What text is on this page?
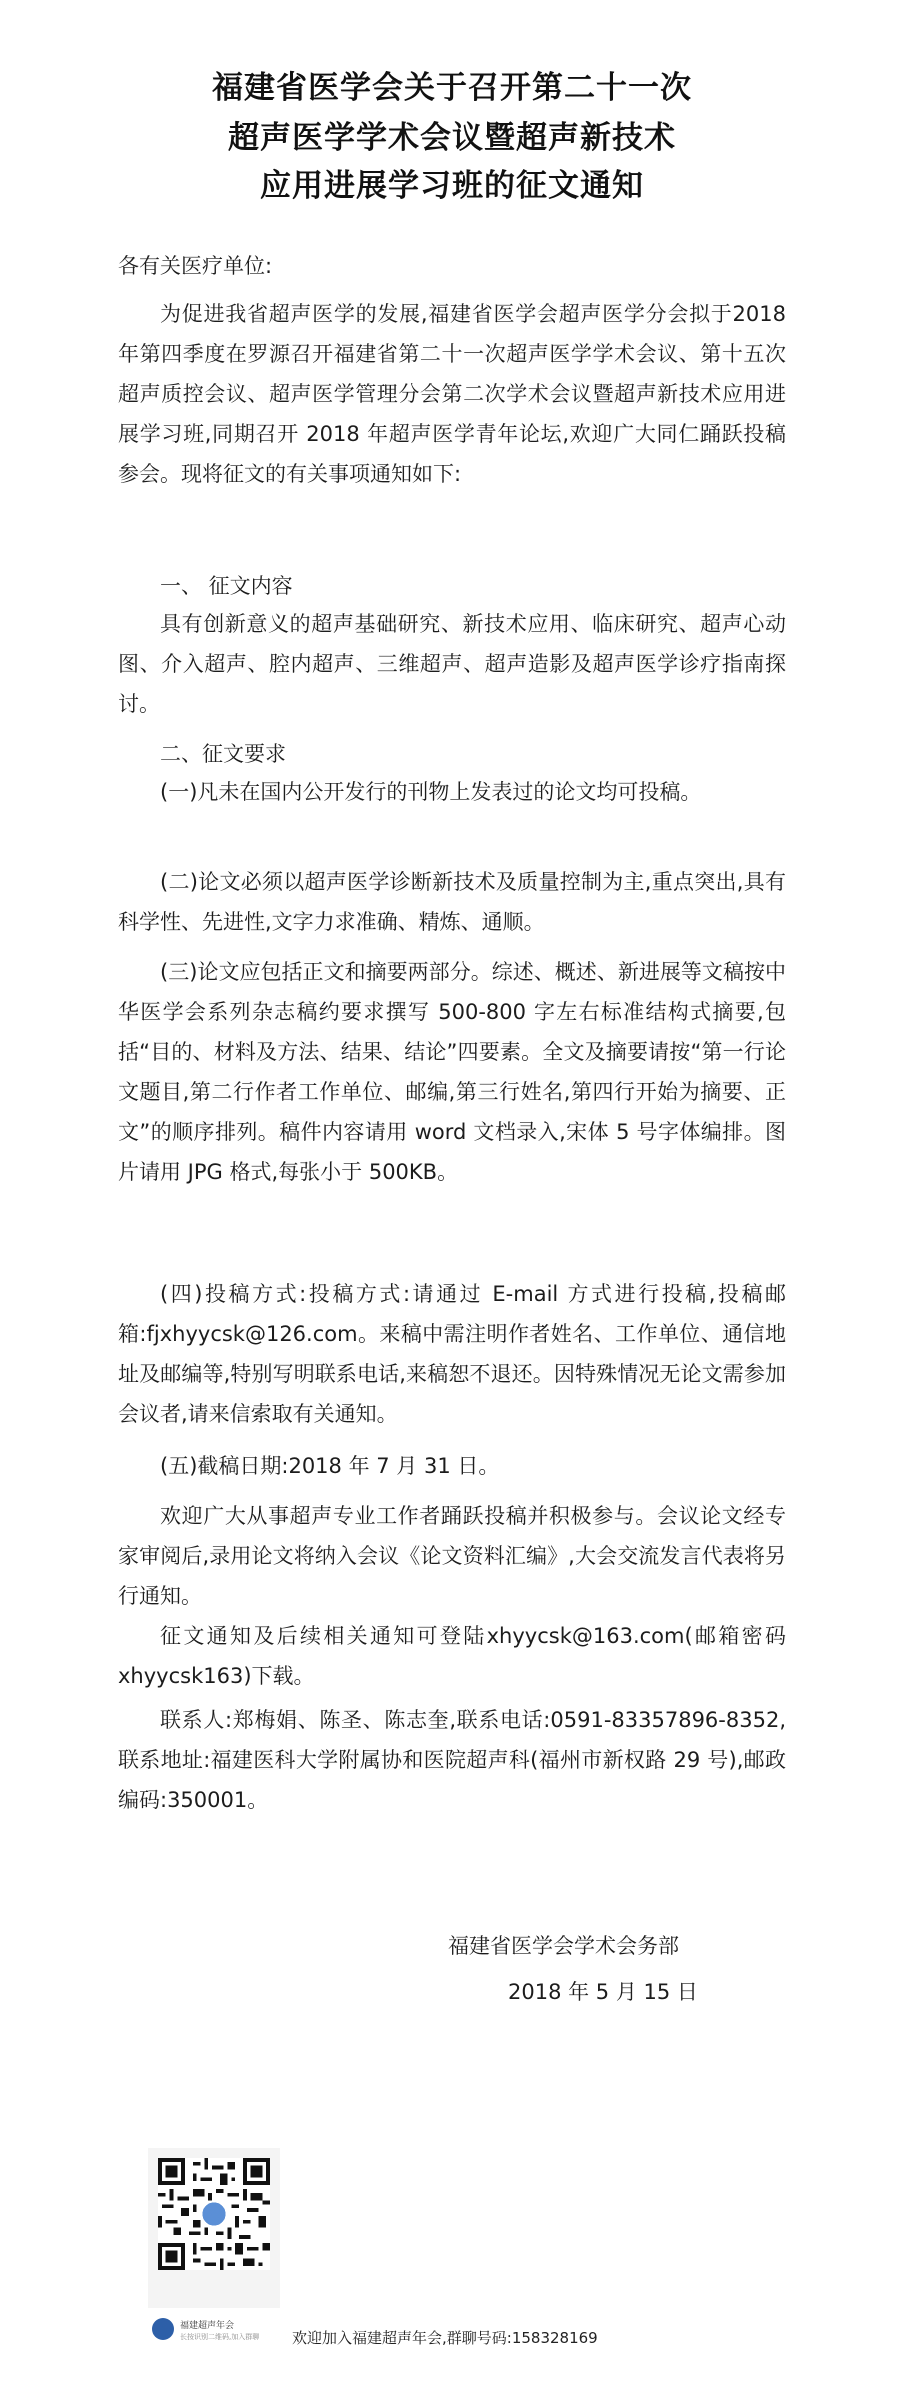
福建省医学会关于召开第二十一次
超声医学学术会议暨超声新技术
应用进展学习班的征文通知
各有关医疗单位:
为促进我省超声医学的发展,福建省医学会超声医学分会拟于2018年第四季度在罗源召开福建省第二十一次超声医学学术会议、第十五次超声质控会议、超声医学管理分会第二次学术会议暨超声新技术应用进展学习班,同期召开 2018 年超声医学青年论坛,欢迎广大同仁踊跃投稿参会。现将征文的有关事项通知如下:
一、 征文内容
具有创新意义的超声基础研究、新技术应用、临床研究、超声心动图、介入超声、腔内超声、三维超声、超声造影及超声医学诊疗指南探讨。
二、征文要求
(一)凡未在国内公开发行的刊物上发表过的论文均可投稿。
(二)论文必须以超声医学诊断新技术及质量控制为主,重点突出,具有科学性、先进性,文字力求准确、精炼、通顺。
(三)论文应包括正文和摘要两部分。综述、概述、新进展等文稿按中华医学会系列杂志稿约要求撰写 500-800 字左右标准结构式摘要,包括“目的、材料及方法、结果、结论”四要素。全文及摘要请按“第一行论文题目,第二行作者工作单位、邮编,第三行姓名,第四行开始为摘要、正文”的顺序排列。稿件内容请用 word 文档录入,宋体 5 号字体编排。图片请用 JPG 格式,每张小于 500KB。
(四)投稿方式:投稿方式:请通过 E-mail 方式进行投稿,投稿邮箱:fjxhyycsk@126.com。来稿中需注明作者姓名、工作单位、通信地址及邮编等,特别写明联系电话,来稿恕不退还。因特殊情况无论文需参加会议者,请来信索取有关通知。
(五)截稿日期:2018 年 7 月 31 日。
欢迎广大从事超声专业工作者踊跃投稿并积极参与。会议论文经专家审阅后,录用论文将纳入会议《论文资料汇编》,大会交流发言代表将另行通知。
征文通知及后续相关通知可登陆xhyycsk@163.com(邮箱密码 xhyycsk163)下载。
联系人:郑梅娟、陈圣、陈志奎,联系电话:0591-83357896-8352,联系地址:福建医科大学附属协和医院超声科(福州市新权路 29 号),邮政编码:350001。
福建省医学会学术会务部
2018 年 5 月 15 日
福建超声年会
长按识别二维码,加入群聊 欢迎加入福建超声年会,群聊号码:158328169
